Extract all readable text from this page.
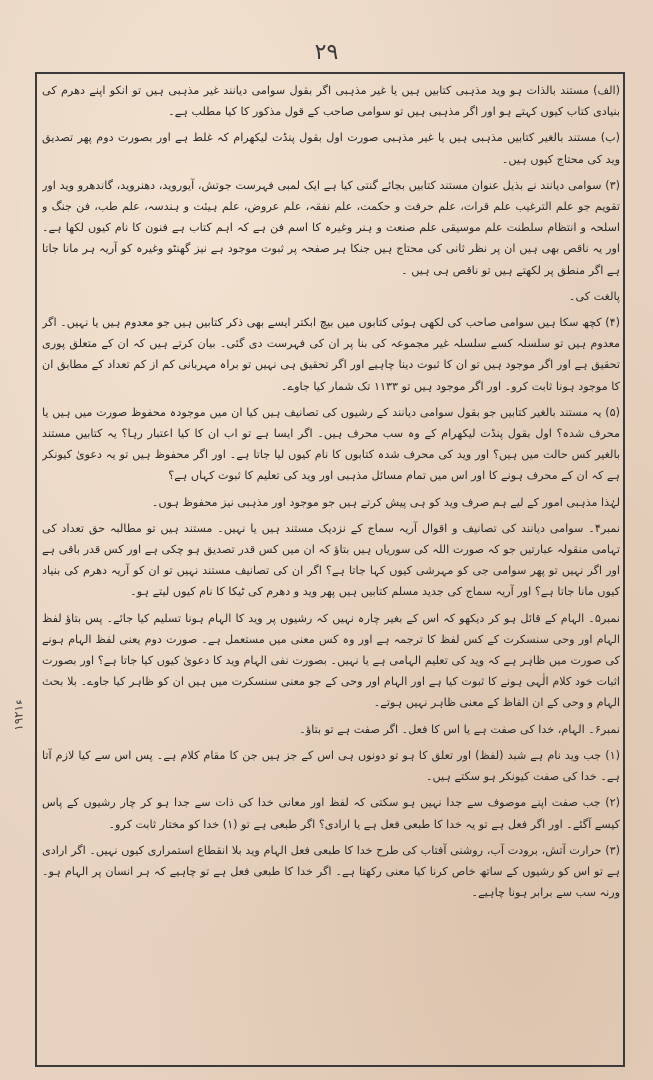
۲۹
۱۹۲۱ء

(الف) مستند بالذات ہو وید مذہبی کتابیں ہیں یا غیر مذہبی اگر بقول سوامی دیانند غیر مذہبی ہیں تو انکو اپنے دھرم کی بنیادی کتاب کیوں کہتے ہو اور اگر مذہبی ہیں تو سوامی صاحب کے قول مذکور کا کیا مطلب ہے۔

(ب) مستند بالغیر کتابیں مذہبی ہیں یا غیر مذہبی صورت اول بقول پنڈت لیکھرام کہ غلط ہے اور بصورت دوم پھر تصدیق وید کی محتاج کیوں ہیں۔

(۳) سوامی دیانند نے بذیل عنوان مستند کتابیں بجائے گنتی کیا ہے ایک لمبی فہرست جوتش، آیوروید، دھنروید، گاندھرو وید اور تقویم جو علم الترغیب علم قرات، علم حرفت و حکمت، علم نفقہ، علم عروض، علم ہیئت و ہندسہ، علم طب، فن جنگ و اسلحہ و انتظام سلطنت علم موسیقی علم صنعت و ہنر وغیرہ کا اسم فن ہے کہ اہم کتاب ہے فنون کا نام کیوں لکھا ہے۔ اور یہ ناقص بھی ہیں ان پر نظر ثانی کی محتاج ہیں جنکا ہر صفحہ پر ثبوت موجود ہے نیز گھنٹو وغیرہ کو آریہ ہر مانا جاتا ہے اگر منطق پر لکھتے ہیں تو ناقص ہی ہیں ۔

پالغت کی۔

(۴) کچھ سکا ہیں سوامی صاحب کی لکھی ہوئی کتابوں میں بیچ ابکتر ایسے بھی ذکر کتابیں ہیں جو معدوم ہیں یا نہیں۔ اگر معدوم ہیں تو سلسلہ کسے سلسلہ غیر مجموعہ کی بنا پر ان کی فہرست دی گئی۔ بیان کرتے ہیں کہ ان کے متعلق پوری تحقیق ہے اور اگر موجود ہیں تو ان کا ثبوت دینا چاہیے اور اگر تحقیق ہی نہیں تو براہ مہربانی کم از کم تعداد کے مطابق ان کا موجود ہونا ثابت کرو۔ اور اگر موجود ہیں تو ۱۱۳۳ تک شمار کیا جاوے۔

(۵) یہ مستند بالغیر کتابیں جو بقول سوامی دیانند کے رشیوں کی تصانیف ہیں کیا ان میں موجودہ محفوظ صورت میں ہیں یا محرف شدہ؟ اول بقول پنڈت لیکھرام کے وہ سب محرف ہیں۔ اگر ایسا ہے تو اب ان کا کیا اعتبار رہا؟ یہ کتابیں مستند بالغیر کس حالت میں ہیں؟ اور وید کی محرف شدہ کتابوں کا نام کیوں لیا جاتا ہے۔ اور اگر محفوظ ہیں تو یہ دعویٰ کیونکر ہے کہ ان کے محرف ہونے کا اور اس میں تمام مسائل مذہبی اور وید کی تعلیم کا ثبوت کہاں ہے؟

لہٰذا مذہبی امور کے لیے ہم صرف وید کو ہی پیش کرتے ہیں جو موجود اور مذہبی نیز محفوظ ہوں۔

نمبر۴۔ سوامی دیانند کی تصانیف و اقوال آریہ سماج کے نزدیک مستند ہیں یا نہیں۔ مستند ہیں تو مطالبہ حق تعداد کی تہامی منقولہ عبارتیں جو کہ صورت اللہ کی سوریاں ہیں بتاؤ کہ ان میں کس قدر تصدیق ہو چکی ہے اور کس قدر باقی ہے اور اگر نہیں تو پھر سوامی جی کو مہرشی کیوں کہا جاتا ہے؟ اگر ان کی تصانیف مستند نہیں تو ان کو آریہ دھرم کی بنیاد کیوں مانا جاتا ہے؟ اور آریہ سماج کی جدید مسلم کتابیں ہیں پھر وید و دھرم کی ٹیکا کا نام کیوں لیتے ہو۔

نمبر۵۔ الہام کے قائل ہو کر دیکھو کہ اس کے بغیر چارہ نہیں کہ رشیوں پر وید کا الہام ہونا تسلیم کیا جائے۔ پس بتاؤ لفظ الہام اور وحی سنسکرت کے کس لفظ کا ترجمہ ہے اور وہ کس معنی میں مستعمل ہے۔ صورت دوم یعنی لفظ الہام ہونے کی صورت میں ظاہر ہے کہ وید کی تعلیم الہامی ہے یا نہیں۔ بصورت نفی الہام وید کا دعویٰ کیوں کیا جاتا ہے؟ اور بصورت اثبات خود کلام الٰہی ہونے کا ثبوت کیا ہے اور الہام اور وحی کے جو معنی سنسکرت میں ہیں ان کو ظاہر کیا جاوے۔ بلا بحث الہام و وحی کے ان الفاظ کے معنی ظاہر نہیں ہوتے۔

نمبر۶۔ الہام، خدا کی صفت ہے یا اس کا فعل۔ اگر صفت ہے تو بتاؤ۔

(۱) جب وید نام ہے شبد (لفظ) اور تعلق کا ہو تو دونوں ہی اس کے جز ہیں جن کا مقام کلام ہے۔ پس اس سے کیا لازم آتا ہے۔ خدا کی صفت کیونکر ہو سکتے ہیں۔

(۲) جب صفت اپنے موصوف سے جدا نہیں ہو سکتی کہ لفظ اور معانی خدا کی ذات سے جدا ہو کر چار رشیوں کے پاس کیسے آگئے۔ اور اگر فعل ہے تو یہ خدا کا طبعی فعل ہے یا ارادی؟ اگر طبعی ہے تو (۱) خدا کو مختار ثابت کرو۔

(۳) حرارت آتش، برودت آب، روشنی آفتاب کی طرح خدا کا طبعی فعل الہام وید بلا انقطاع استمراری کیوں نہیں۔ اگر ارادی ہے تو اس کو رشیوں کے ساتھ خاص کرنا کیا معنی رکھتا ہے۔ اگر خدا کا طبعی فعل ہے تو چاہیے کہ ہر انسان پر الہام ہو۔ ورنہ سب سے برابر ہونا چاہیے۔
